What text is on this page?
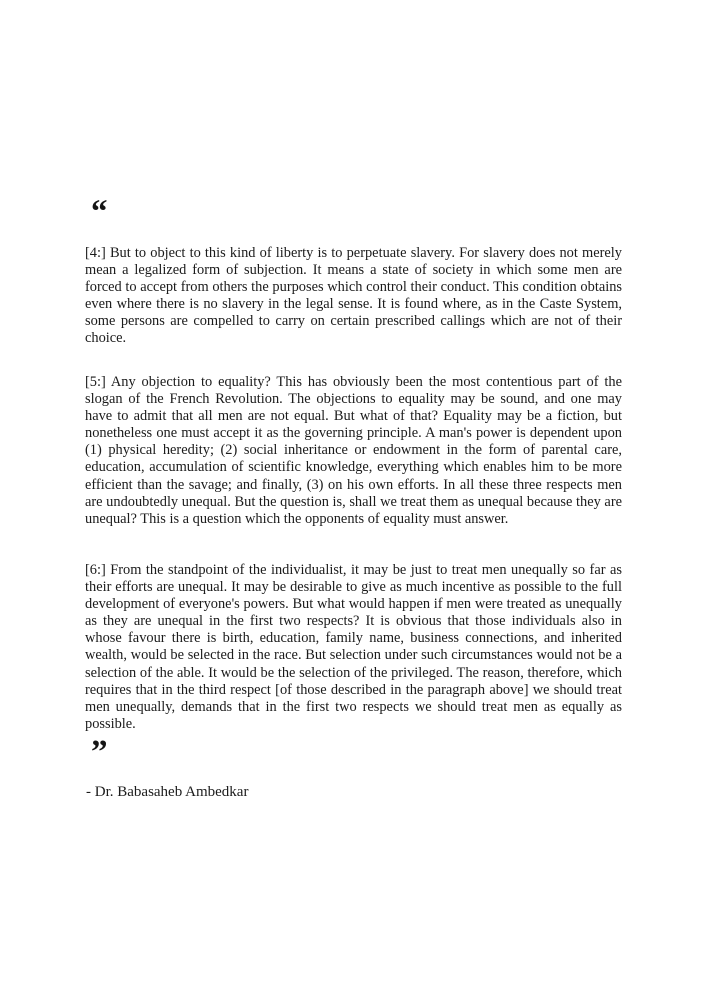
“

[4:] But to object to this kind of liberty is to perpetuate slavery. For slavery does not merely mean a legalized form of subjection. It means a state of society in which some men are forced to accept from others the purposes which control their conduct. This condition obtains even where there is no slavery in the legal sense. It is found where, as in the Caste System, some persons are compelled to carry on certain prescribed callings which are not of their choice.

[5:] Any objection to equality? This has obviously been the most contentious part of the slogan of the French Revolution. The objections to equality may be sound, and one may have to admit that all men are not equal. But what of that? Equality may be a fiction, but nonetheless one must accept it as the governing principle. A man's power is dependent upon (1) physical heredity; (2) social inheritance or endowment in the form of parental care, education, accumulation of scientific knowledge, everything which enables him to be more efficient than the savage; and finally, (3) on his own efforts. In all these three respects men are undoubtedly unequal. But the question is, shall we treat them as unequal because they are unequal? This is a question which the opponents of equality must answer.

[6:] From the standpoint of the individualist, it may be just to treat men unequally so far as their efforts are unequal. It may be desirable to give as much incentive as possible to the full development of everyone's powers. But what would happen if men were treated as unequally as they are unequal in the first two respects? It is obvious that those individuals also in whose favour there is birth, education, family name, business connections, and inherited wealth, would be selected in the race. But selection under such circumstances would not be a selection of the able. It would be the selection of the privileged. The reason, therefore, which requires that in the third respect [of those described in the paragraph above] we should treat men unequally, demands that in the first two respects we should treat men as equally as possible.

”
- Dr. Babasaheb Ambedkar
